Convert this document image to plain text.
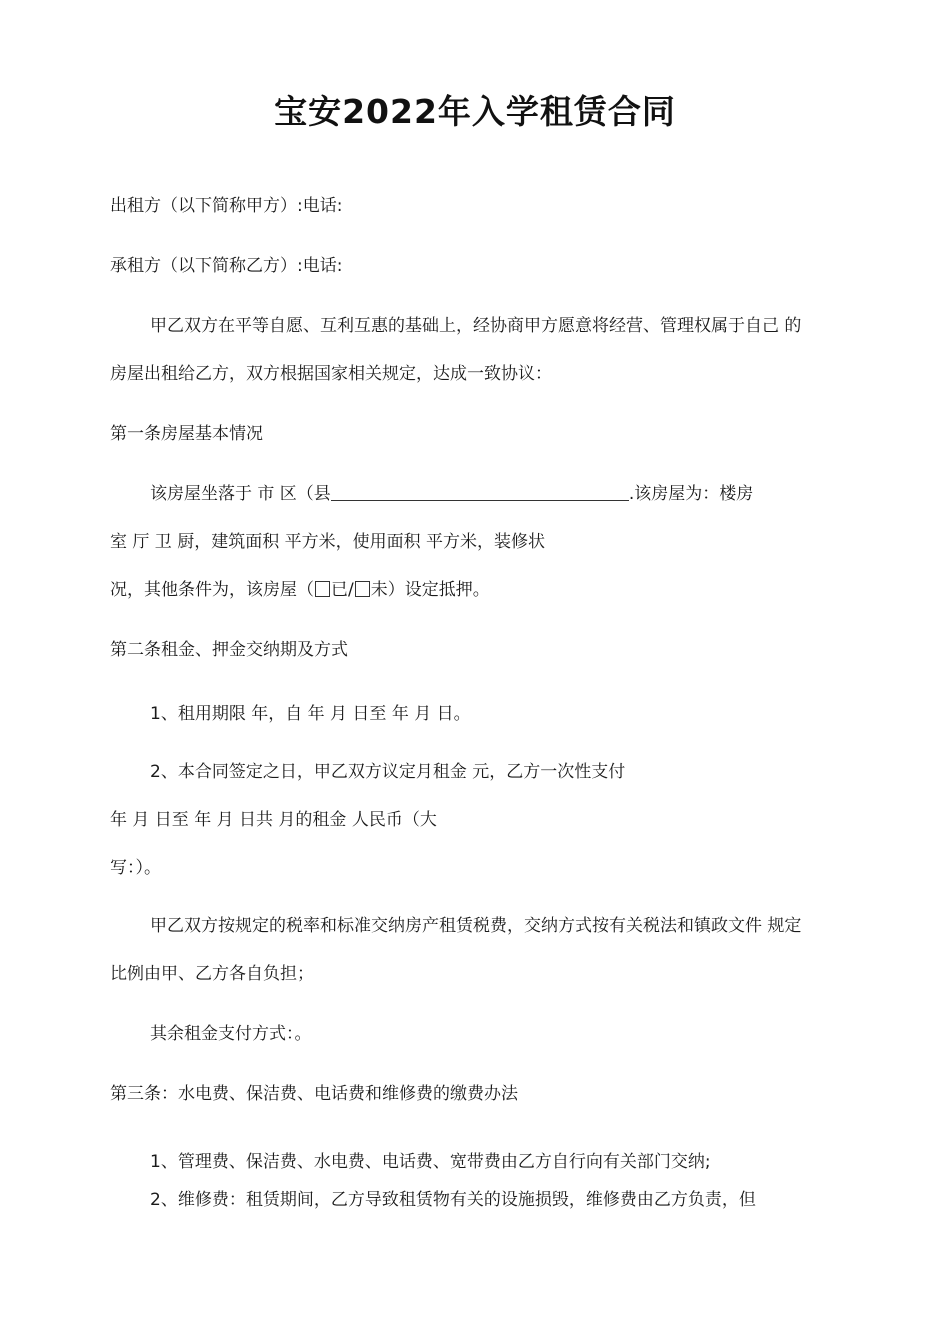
宝安2022年入学租赁合同
出租方（以下简称甲方）:电话:
承租方（以下简称乙方）:电话:
甲乙双方在平等自愿、互利互惠的基础上，经协商甲方愿意将经营、管理权属于自己 的
房屋出租给乙方，双方根据国家相关规定，达成一致协议：
第一条房屋基本情况
该房屋坐落于 市 区（县	.该房屋为：楼房
室 厅 卫 厨，建筑面积 平方米，使用面积 平方米，装修状
况，其他条件为，该房屋（ 已/ 未）设定抵押。
第二条租金、押金交纳期及方式
1、租用期限 年，自 年 月 日至 年 月 日。
2、本合同签定之日，甲乙双方议定月租金 元，乙方一次性支付
年 月 日至 年 月 日共 月的租金 人民币（大
写：）。
甲乙双方按规定的税率和标准交纳房产租赁税费，交纳方式按有关税法和镇政文件 规定
比例由甲、乙方各自负担；
其余租金支付方式：。
第三条：水电费、保洁费、电话费和维修费的缴费办法
1、管理费、保洁费、水电费、电话费、宽带费由乙方自行向有关部门交纳;
2、维修费：租赁期间，乙方导致租赁物有关的设施损毁，维修费由乙方负责，但
